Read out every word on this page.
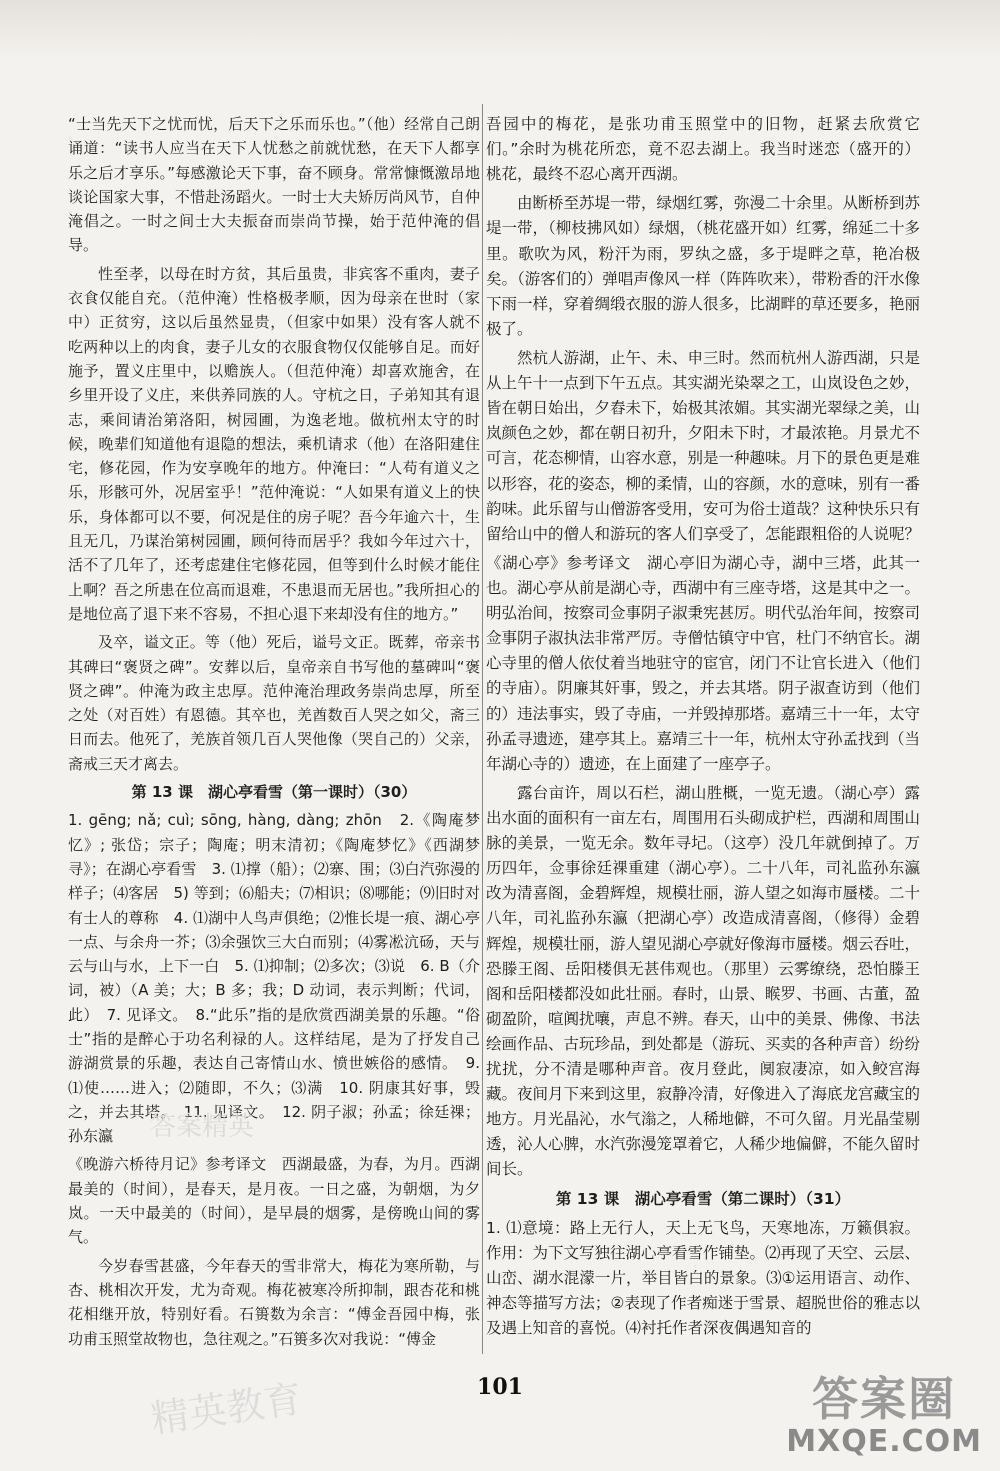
“士当先天下之忧而忧，后天下之乐而乐也。”（他）经常自己朗诵道：“读书人应当在天下人忧愁之前就忧愁，在天下人都享乐之后才享乐。”每感激论天下事，奋不顾身。常常慷慨激昂地谈论国家大事，不惜赴汤蹈火。一时士大夫矫厉尚风节，自仲淹倡之。一时之间士大夫振奋而崇尚节操，始于范仲淹的倡导。

性至孝，以母在时方贫，其后虽贵，非宾客不重肉，妻子衣食仅能自充。（范仲淹）性格极孝顺，因为母亲在世时（家中）正贫穷，这以后虽然显贵，（但家中如果）没有客人就不吃两种以上的肉食，妻子儿女的衣服食物仅仅能够自足。而好施予，置义庄里中，以赡族人。（但范仲淹）却喜欢施舍，在乡里开设了义庄，来供养同族的人。守杭之日，子弟知其有退志，乘间请治第洛阳，树园圃，为逸老地。做杭州太守的时候，晚辈们知道他有退隐的想法，乘机请求（他）在洛阳建住宅，修花园，作为安享晚年的地方。仲淹曰：“人苟有道义之乐，形骸可外，况居室乎！”范仲淹说：“人如果有道义上的快乐，身体都可以不要，何况是住的房子呢？吾今年逾六十，生且无几，乃谋治第树园圃，顾何待而居乎？我如今年过六十，活不了几年了，还考虑建住宅修花园，但等到什么时候才能住上啊？吾之所患在位高而退难，不患退而无居也。”我所担心的是地位高了退下来不容易，不担心退下来却没有住的地方。”

及卒，谥文正。等（他）死后，谥号文正。既葬，帝亲书其碑曰“褒贤之碑”。安葬以后，皇帝亲自书写他的墓碑叫“褒贤之碑”。仲淹为政主忠厚。范仲淹治理政务崇尚忠厚，所至之处（对百姓）有恩德。其卒也，羌酋数百人哭之如父，斋三日而去。他死了，羌族首领几百人哭他像（哭自己的）父亲，斋戒三天才离去。

第 13 课　湖心亭看雪（第一课时）（30）

1. gēng; nǎ; cuì; sōng, hàng, dàng; zhōn　2.《陶庵梦忆》; 张岱；宗子；陶庵；明末清初；《陶庵梦忆》《西湖梦寻》；在湖心亭看雪　3. ⑴撑（船）；⑵寨、围；⑶白汽弥漫的样子；⑷客居　5) 等到；⑹船夫；⑺相识；⑻哪能；⑼旧时对有士人的尊称　4. ⑴湖中人鸟声俱绝；⑵惟长堤一痕、湖心亭一点、与余舟一芥；⑶余强饮三大白而别；⑷雾凇沆砀，天与云与山与水，上下一白　5. ⑴抑制；⑵多次；⑶说　6. B（介词，被）（A 美；大；B 多；我；D 动词，表示判断；代词，此）　7. 见译文。　8.“此乐”指的是欣赏西湖美景的乐趣。“俗士”指的是醉心于功名利禄的人。这样结尾，是为了抒发自己游湖赏景的乐趣，表达自己寄情山水、愤世嫉俗的感情。　9. ⑴使……进入；⑵随即，不久；⑶满　10. 阴康其好事，毁之，并去其塔。　11. 见译文。　12. 阴子淑；孙孟；徐廷祼；孙东瀛

《晚游六桥待月记》参考译文　西湖最盛，为春，为月。西湖最美的（时间），是春天，是月夜。一日之盛，为朝烟，为夕岚。一天中最美的（时间），是早晨的烟雾，是傍晚山间的雾气。

今岁春雪甚盛，今年春天的雪非常大，梅花为寒所勒，与杏、桃相次开发，尤为奇观。梅花被寒冷所抑制，跟杏花和桃花相继开放，特别好看。石篑数为余言：“傅金吾园中梅，张功甫玉照堂故物也，急往观之。”石篑多次对我说：“傅金

吾园中的梅花，是张功甫玉照堂中的旧物，赶紧去欣赏它们。”余时为桃花所恋，竟不忍去湖上。我当时迷恋（盛开的）桃花，最终不忍心离开西湖。

由断桥至苏堤一带，绿烟红雾，弥漫二十余里。从断桥到苏堤一带，（柳枝拂风如）绿烟，（桃花盛开如）红雾，绵延二十多里。歌吹为风，粉汗为雨，罗纨之盛，多于堤畔之草，艳冶极矣。（游客们的）弹唱声像风一样（阵阵吹来），带粉香的汗水像下雨一样，穿着绸缎衣服的游人很多，比湖畔的草还要多，艳丽极了。

然杭人游湖，止午、未、申三时。然而杭州人游西湖，只是从上午十一点到下午五点。其实湖光染翠之工，山岚设色之妙，皆在朝日始出，夕舂未下，始极其浓媚。其实湖光翠绿之美，山岚颜色之妙，都在朝日初升，夕阳未下时，才最浓艳。月景尤不可言，花态柳情，山容水意，别是一种趣味。月下的景色更是难以形容，花的姿态，柳的柔情，山的容颜，水的意味，别有一番韵味。此乐留与山僧游客受用，安可为俗士道哉？这种快乐只有留给山中的僧人和游玩的客人们享受了，怎能跟粗俗的人说呢？

《湖心亭》参考译文　湖心亭旧为湖心寺，湖中三塔，此其一也。湖心亭从前是湖心寺，西湖中有三座寺塔，这是其中之一。明弘治间，按察司佥事阴子淑秉宪甚厉。明代弘治年间，按察司佥事阴子淑执法非常严厉。寺僧怙镇守中官，杜门不纳官长。湖心寺里的僧人依仗着当地驻守的宦官，闭门不让官长进入（他们的寺庙）。阴廉其奸事，毁之，并去其塔。阴子淑查访到（他们的）违法事实，毁了寺庙，一并毁掉那塔。嘉靖三十一年，太守孙孟寻遗迹，建亭其上。嘉靖三十一年，杭州太守孙孟找到（当年湖心寺的）遗迹，在上面建了一座亭子。

露台亩许，周以石栏，湖山胜概，一览无遗。（湖心亭）露出水面的面积有一亩左右，周围用石头砌成护栏，西湖和周围山脉的美景，一览无余。数年寻圮。（这亭）没几年就倒掉了。万历四年，佥事徐廷祼重建（湖心亭）。二十八年，司礼监孙东瀛改为清喜阁，金碧辉煌，规模壮丽，游人望之如海市蜃楼。二十八年，司礼监孙东瀛（把湖心亭）改造成清喜阁，（修得）金碧辉煌，规模壮丽，游人望见湖心亭就好像海市蜃楼。烟云吞吐，恐滕王阁、岳阳楼俱无甚伟观也。（那里）云雾缭绕，恐怕滕王阁和岳阳楼都没如此壮丽。春时，山景、睺罗、书画、古董，盈砌盈阶，喧阗扰嚷，声息不辨。春天，山中的美景、佛像、书法绘画作品、古玩珍品，到处都是（游玩、买卖的各种声音）纷纷扰扰，分不清是哪种声音。夜月登此，阒寂凄凉，如入鲛宫海藏。夜间月下来到这里，寂静冷清，好像进入了海底龙宫藏宝的地方。月光晶沁，水气滃之，人稀地僻，不可久留。月光晶莹剔透，沁人心脾，水汽弥漫笼罩着它，人稀少地偏僻，不能久留时间长。

第 13 课　湖心亭看雪（第二课时）（31）

1. ⑴意境：路上无行人，天上无飞鸟，天寒地冻，万籁俱寂。作用：为下文写独往湖心亭看雪作铺垫。⑵再现了天空、云层、山峦、湖水混濛一片，举目皆白的景象。⑶①运用语言、动作、神态等描写方法；②表现了作者痴迷于雪景、超脱世俗的雅志以及遇上知音的喜悦。⑷衬托作者深夜偶遇知音的

101
答案精英
精英教育	答案圈
MXQE.COM
